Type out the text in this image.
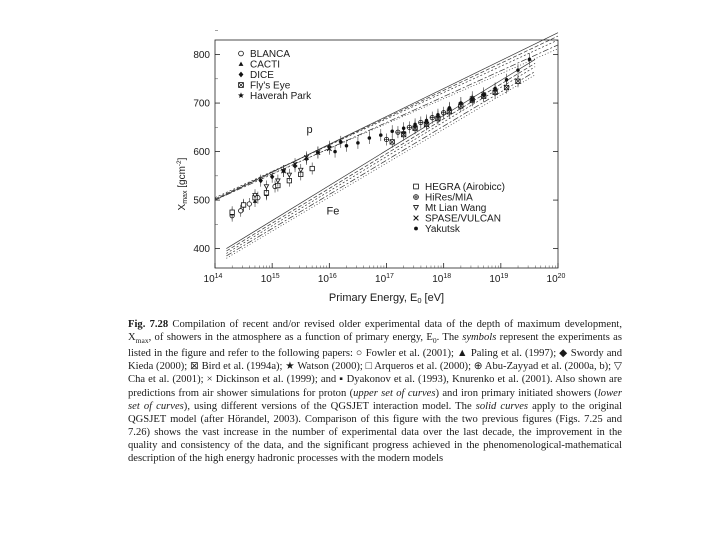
$10^{14}$	$10^{15}$	$10^{16}$	$10^{17}$	$10^{18}$	$10^{19}$	$10^{20}$
400
500
600
700
800	BLANCA
CACTI
DICE
Fly's Eye
Haverah Park
HEGRA (Airobicc)
HiRes/MIA
Mt Lian Wang
SPASE/VULCAN
Yakutsk
$X_{max}$ [gcm$^{-2}$]
Primary Energy, E0 [eV]
p
Fe
Fig. 7.28 Compilation of recent and/or revised older experimental data of the depth of maximum development, $X_{max}$, of showers in the atmosphere as a function of primary energy, $E_0$. The symbols represent the experiments as listed in the figure and refer to the following papers: ○ Fowler et al. (2001); ▲ Paling et al. (1997); ◆ Swordy and Kieda (2000); ⊠ Bird et al. (1994a); ★ Watson (2000); □ Arqueros et al. (2000); ⊕ Abu-Zayyad et al. (2000a, b); ▽ Cha et al. (2001); × Dickinson et al. (1999); and ▪ Dyakonov et al. (1993), Knurenko et al. (2001). Also shown are predictions from air shower simulations for proton (upper set of curves) and iron primary initiated showers (lower set of curves), using different versions of the QGSJET interaction model. The solid curves apply to the original QGSJET model (after Hörandel, 2003). Comparison of this figure with the two previous figures (Figs. 7.25 and 7.26) shows the vast increase in the number of experimental data over the last decade, the improvement in the quality and consistency of the data, and the significant progress achieved in the phenomenological-mathematical description of the high energy hadronic processes with the modern models
